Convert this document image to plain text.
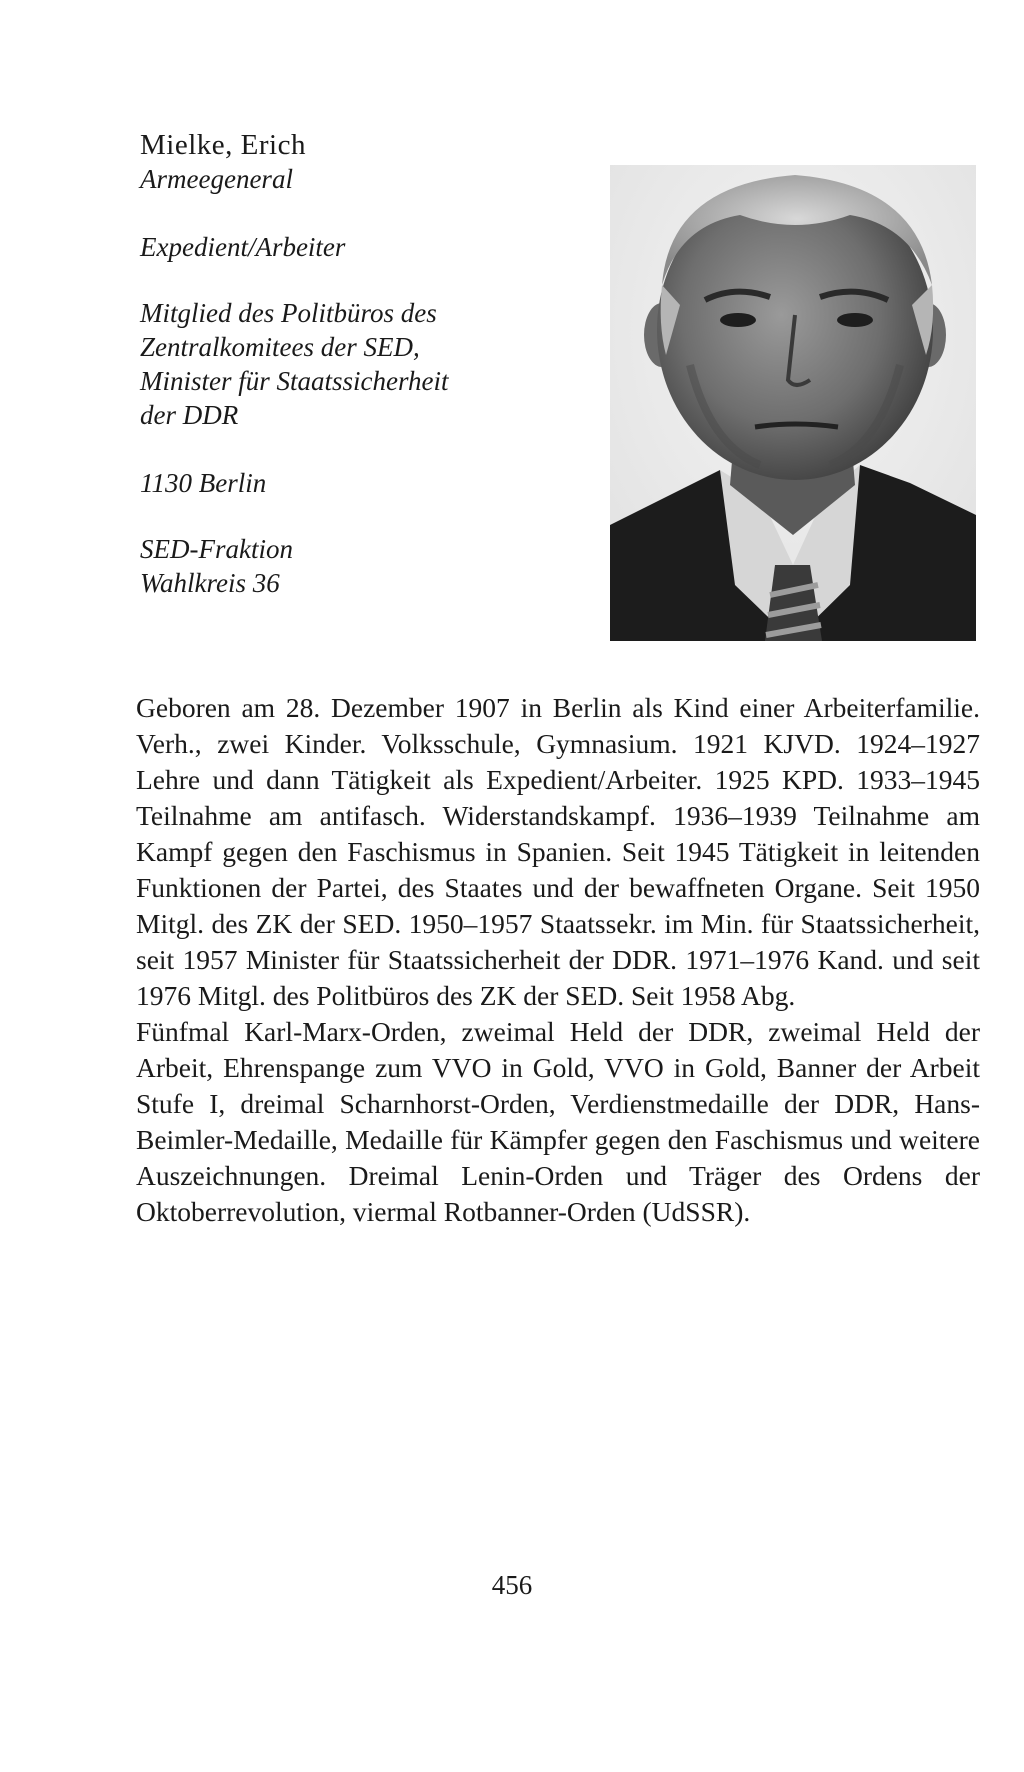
Mielke, Erich

Armeegeneral

Expedient/Arbeiter

Mitglied des Politbüros des

Zentralkomitees der SED,

Minister für Staatssicherheit

der DDR

1130 Berlin

SED-Fraktion

Wahlkreis 36

Geboren am 28. Dezember 1907 in Berlin als Kind einer Arbeiterfamilie. Verh., zwei Kinder. Volksschule, Gymnasium. 1921 KJVD. 1924–1927 Lehre und dann Tätigkeit als Expedient/Arbeiter. 1925 KPD. 1933–1945 Teilnahme am antifasch. Widerstandskampf. 1936–1939 Teilnahme am Kampf gegen den Faschismus in Spanien. Seit 1945 Tätigkeit in leitenden Funktionen der Partei, des Staates und der bewaffneten Organe. Seit 1950 Mitgl. des ZK der SED. 1950–1957 Staatssekr. im Min. für Staatssicherheit, seit 1957 Minister für Staatssicherheit der DDR. 1971–1976 Kand. und seit 1976 Mitgl. des Politbüros des ZK der SED. Seit 1958 Abg.

Fünfmal Karl-Marx-Orden, zweimal Held der DDR, zweimal Held der Arbeit, Ehrenspange zum VVO in Gold, VVO in Gold, Banner der Arbeit Stufe I, dreimal Scharnhorst-Orden, Verdienstmedaille der DDR, Hans-Beimler-Medaille, Medaille für Kämpfer gegen den Faschismus und weitere Auszeichnungen. Dreimal Lenin-Orden und Träger des Ordens der Oktoberrevolution, viermal Rotbanner-Orden (UdSSR).

456
